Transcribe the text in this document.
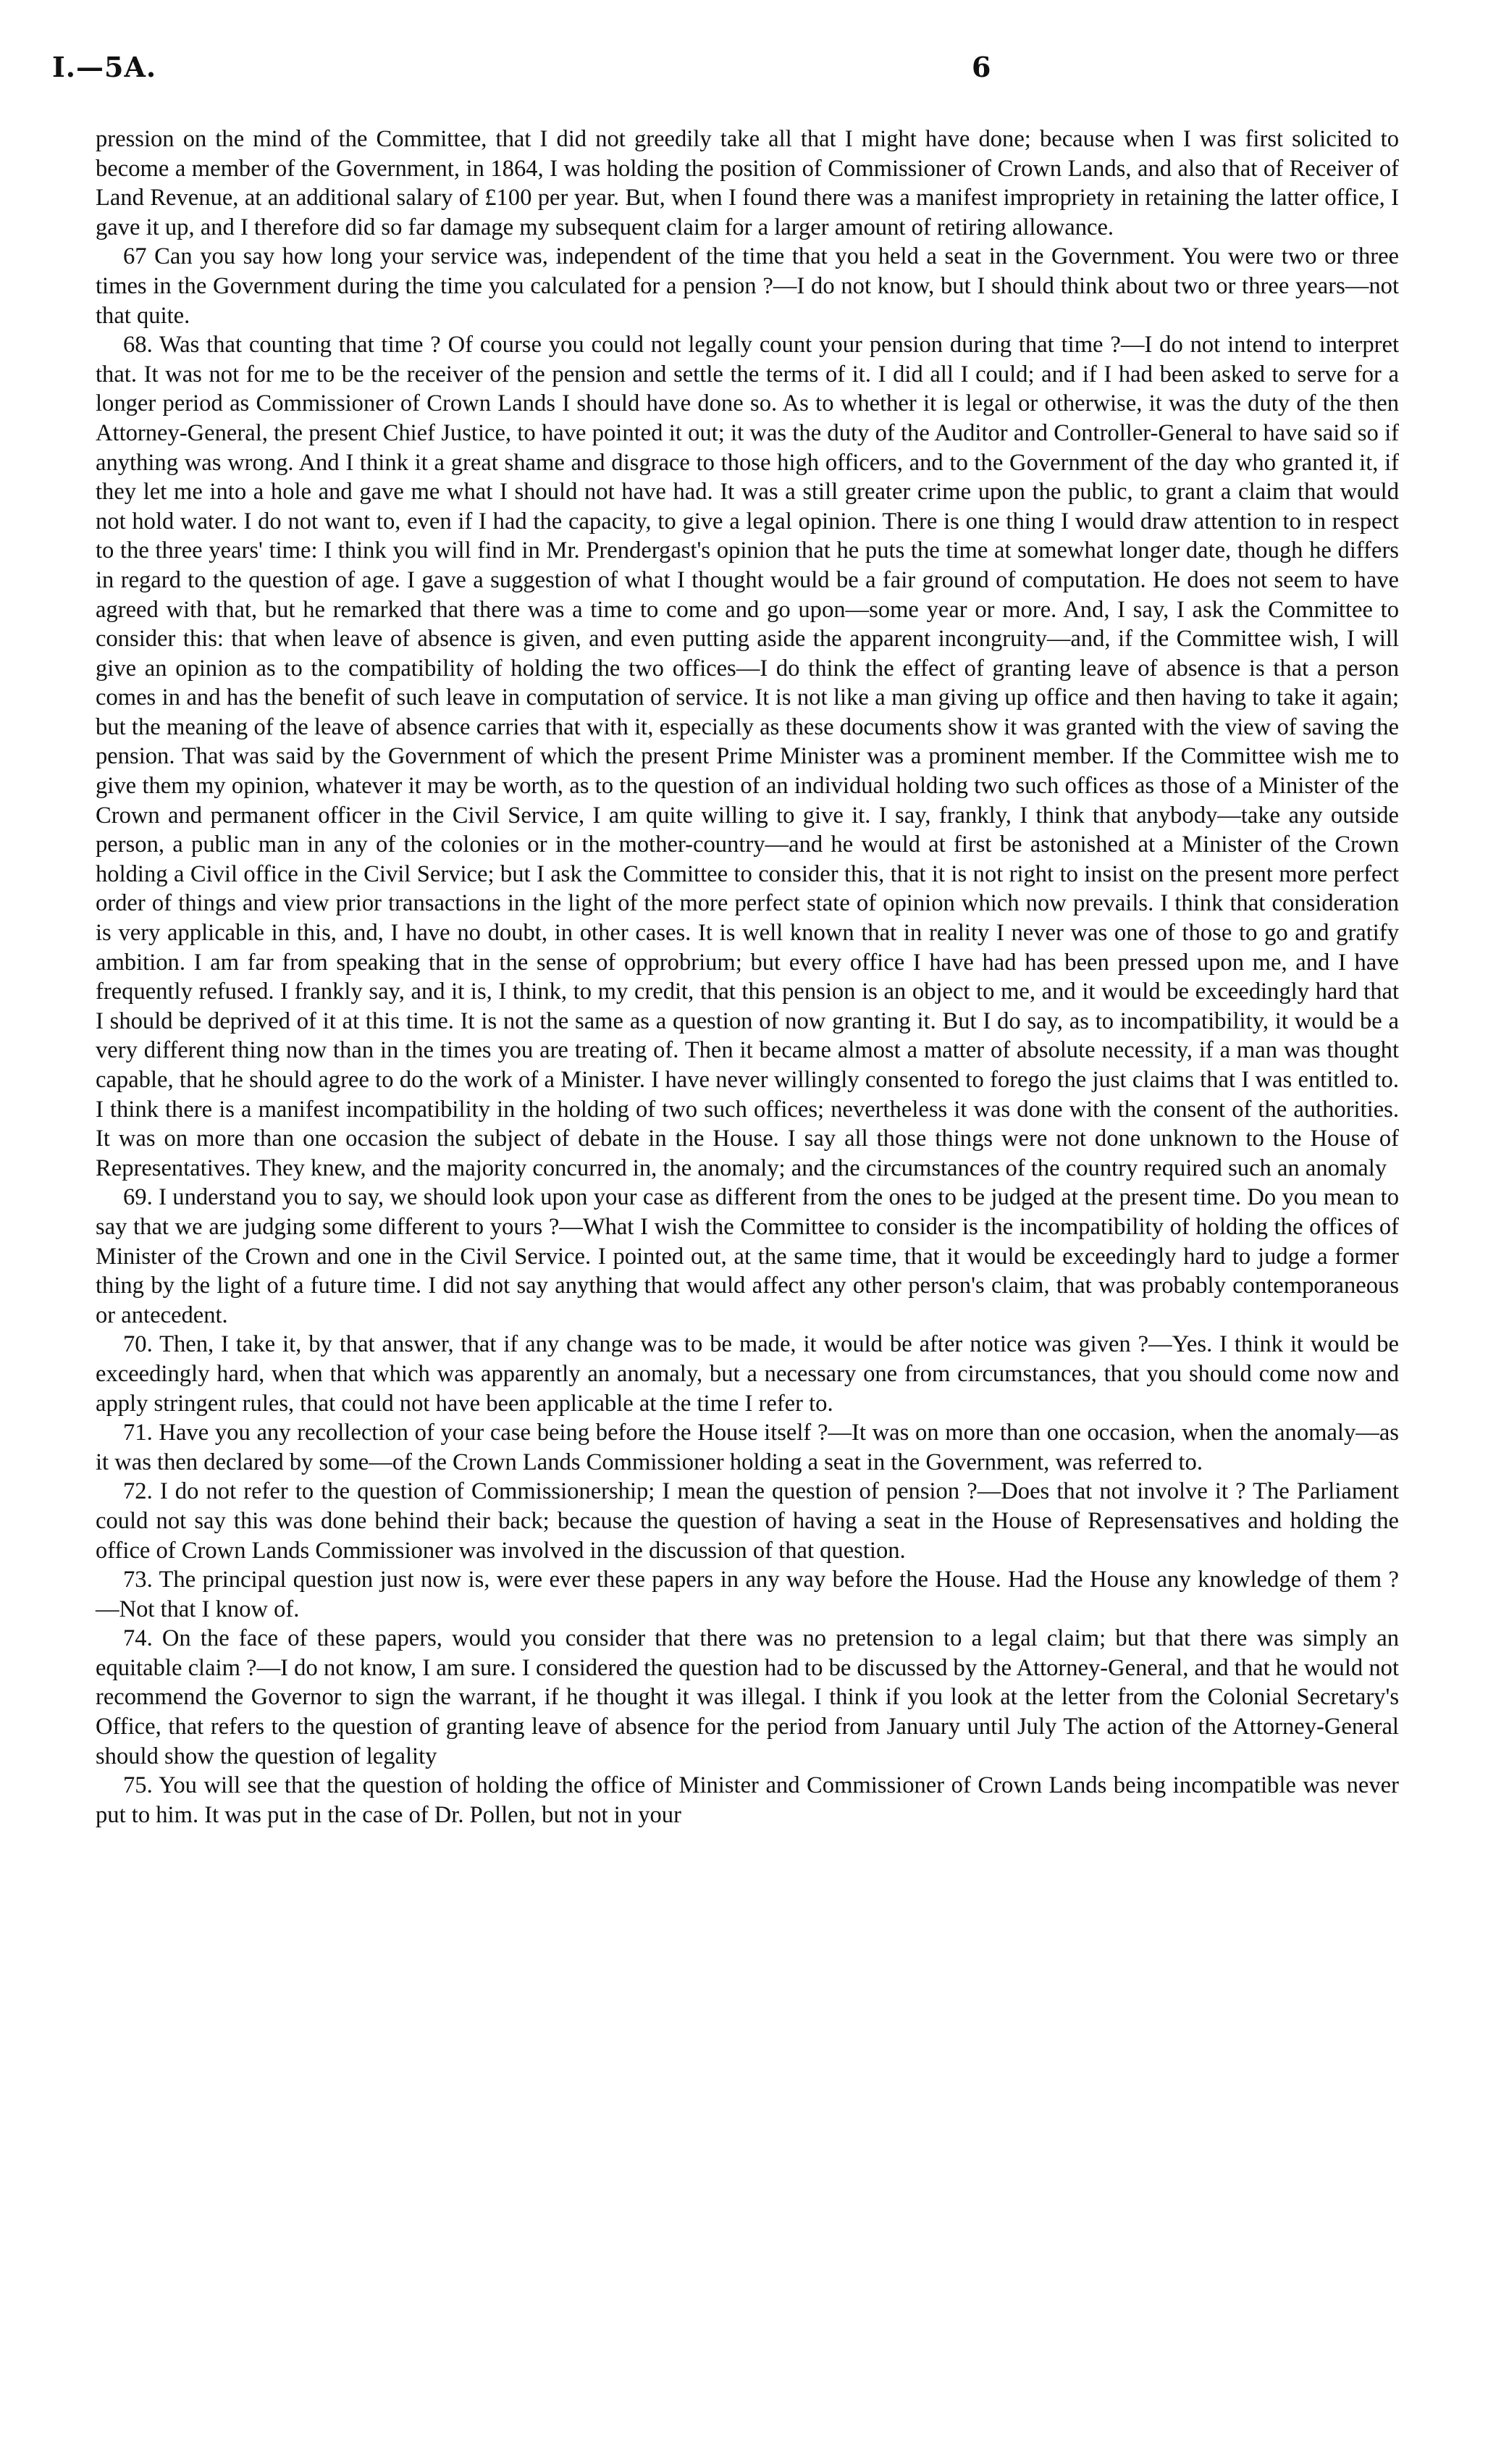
I.—5A.	6

pression on the mind of the Committee, that I did not greedily take all that I might have done; because when I was first solicited to become a member of the Government, in 1864, I was holding the position of Commissioner of Crown Lands, and also that of Receiver of Land Revenue, at an additional salary of £100 per year. But, when I found there was a manifest impropriety in retaining the latter office, I gave it up, and I therefore did so far damage my subsequent claim for a larger amount of retiring allowance.

67 Can you say how long your service was, independent of the time that you held a seat in the Government. You were two or three times in the Government during the time you calculated for a pension ?—I do not know, but I should think about two or three years—not that quite.

68. Was that counting that time ? Of course you could not legally count your pension during that time ?—I do not intend to interpret that. It was not for me to be the receiver of the pension and settle the terms of it. I did all I could; and if I had been asked to serve for a longer period as Commissioner of Crown Lands I should have done so. As to whether it is legal or otherwise, it was the duty of the then Attorney-General, the present Chief Justice, to have pointed it out; it was the duty of the Auditor and Controller-General to have said so if anything was wrong. And I think it a great shame and disgrace to those high officers, and to the Government of the day who granted it, if they let me into a hole and gave me what I should not have had. It was a still greater crime upon the public, to grant a claim that would not hold water. I do not want to, even if I had the capacity, to give a legal opinion. There is one thing I would draw attention to in respect to the three years' time: I think you will find in Mr. Prendergast's opinion that he puts the time at somewhat longer date, though he differs in regard to the question of age. I gave a suggestion of what I thought would be a fair ground of computation. He does not seem to have agreed with that, but he remarked that there was a time to come and go upon—some year or more. And, I say, I ask the Committee to consider this: that when leave of absence is given, and even putting aside the apparent incongruity—and, if the Committee wish, I will give an opinion as to the compatibility of holding the two offices—I do think the effect of granting leave of absence is that a person comes in and has the benefit of such leave in computation of service. It is not like a man giving up office and then having to take it again; but the meaning of the leave of absence carries that with it, especially as these documents show it was granted with the view of saving the pension. That was said by the Government of which the present Prime Minister was a prominent member. If the Committee wish me to give them my opinion, whatever it may be worth, as to the question of an individual holding two such offices as those of a Minister of the Crown and permanent officer in the Civil Service, I am quite willing to give it. I say, frankly, I think that anybody—take any outside person, a public man in any of the colonies or in the mother-country—and he would at first be astonished at a Minister of the Crown holding a Civil office in the Civil Service; but I ask the Committee to consider this, that it is not right to insist on the present more perfect order of things and view prior transactions in the light of the more perfect state of opinion which now prevails. I think that consideration is very applicable in this, and, I have no doubt, in other cases. It is well known that in reality I never was one of those to go and gratify ambition. I am far from speaking that in the sense of opprobrium; but every office I have had has been pressed upon me, and I have frequently refused. I frankly say, and it is, I think, to my credit, that this pension is an object to me, and it would be exceedingly hard that I should be deprived of it at this time. It is not the same as a question of now granting it. But I do say, as to incompatibility, it would be a very different thing now than in the times you are treating of. Then it became almost a matter of absolute necessity, if a man was thought capable, that he should agree to do the work of a Minister. I have never willingly consented to forego the just claims that I was entitled to. I think there is a manifest incompatibility in the holding of two such offices; nevertheless it was done with the consent of the authorities. It was on more than one occasion the subject of debate in the House. I say all those things were not done unknown to the House of Representatives. They knew, and the majority concurred in, the anomaly; and the circumstances of the country required such an anomaly

69. I understand you to say, we should look upon your case as different from the ones to be judged at the present time. Do you mean to say that we are judging some different to yours ?—What I wish the Committee to consider is the incompatibility of holding the offices of Minister of the Crown and one in the Civil Service. I pointed out, at the same time, that it would be exceedingly hard to judge a former thing by the light of a future time. I did not say anything that would affect any other person's claim, that was probably contemporaneous or antecedent.

70. Then, I take it, by that answer, that if any change was to be made, it would be after notice was given ?—Yes. I think it would be exceedingly hard, when that which was apparently an anomaly, but a necessary one from circumstances, that you should come now and apply stringent rules, that could not have been applicable at the time I refer to.

71. Have you any recollection of your case being before the House itself ?—It was on more than one occasion, when the anomaly—as it was then declared by some—of the Crown Lands Commissioner holding a seat in the Government, was referred to.

72. I do not refer to the question of Commissionership; I mean the question of pension ?—Does that not involve it ? The Parliament could not say this was done behind their back; because the question of having a seat in the House of Represensatives and holding the office of Crown Lands Commissioner was involved in the discussion of that question.

73. The principal question just now is, were ever these papers in any way before the House. Had the House any knowledge of them ?—Not that I know of.

74. On the face of these papers, would you consider that there was no pretension to a legal claim; but that there was simply an equitable claim ?—I do not know, I am sure. I considered the question had to be discussed by the Attorney-General, and that he would not recommend the Governor to sign the warrant, if he thought it was illegal. I think if you look at the letter from the Colonial Secretary's Office, that refers to the question of granting leave of absence for the period from January until July The action of the Attorney-General should show the question of legality

75. You will see that the question of holding the office of Minister and Commissioner of Crown Lands being incompatible was never put to him. It was put in the case of Dr. Pollen, but not in your
